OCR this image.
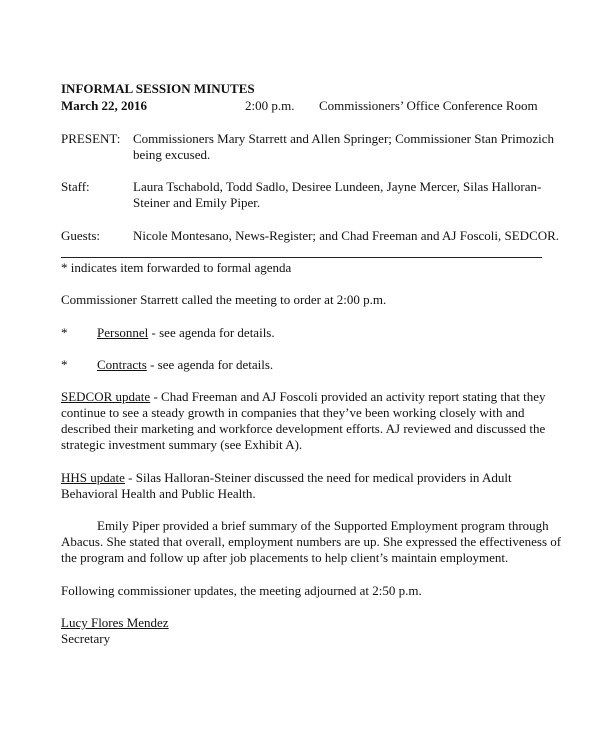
INFORMAL SESSION MINUTES
March 22, 2016	2:00 p.m. Commissioners’ Office Conference Room
PRESENT: Commissioners Mary Starrett and Allen Springer; Commissioner Stan Primozich
being excused.
Staff:	Laura Tschabold, Todd Sadlo, Desiree Lundeen, Jayne Mercer, Silas Halloran-
Steiner and Emily Piper.
Guests:	Nicole Montesano, News-Register; and Chad Freeman and AJ Foscoli, SEDCOR.
* indicates item forwarded to formal agenda
Commissioner Starrett called the meeting to order at 2:00 p.m.
* Personnel - see agenda for details.
* Contracts - see agenda for details.
SEDCOR update - Chad Freeman and AJ Foscoli provided an activity report stating that they
continue to see a steady growth in companies that they’ve been working closely with and
described their marketing and workforce development efforts. AJ reviewed and discussed the
strategic investment summary (see Exhibit A).
HHS update - Silas Halloran-Steiner discussed the need for medical providers in Adult
Behavioral Health and Public Health.
Emily Piper provided a brief summary of the Supported Employment program through
Abacus. She stated that overall, employment numbers are up. She expressed the effectiveness of
the program and follow up after job placements to help client’s maintain employment.
Following commissioner updates, the meeting adjourned at 2:50 p.m.
Lucy Flores Mendez
Secretary
